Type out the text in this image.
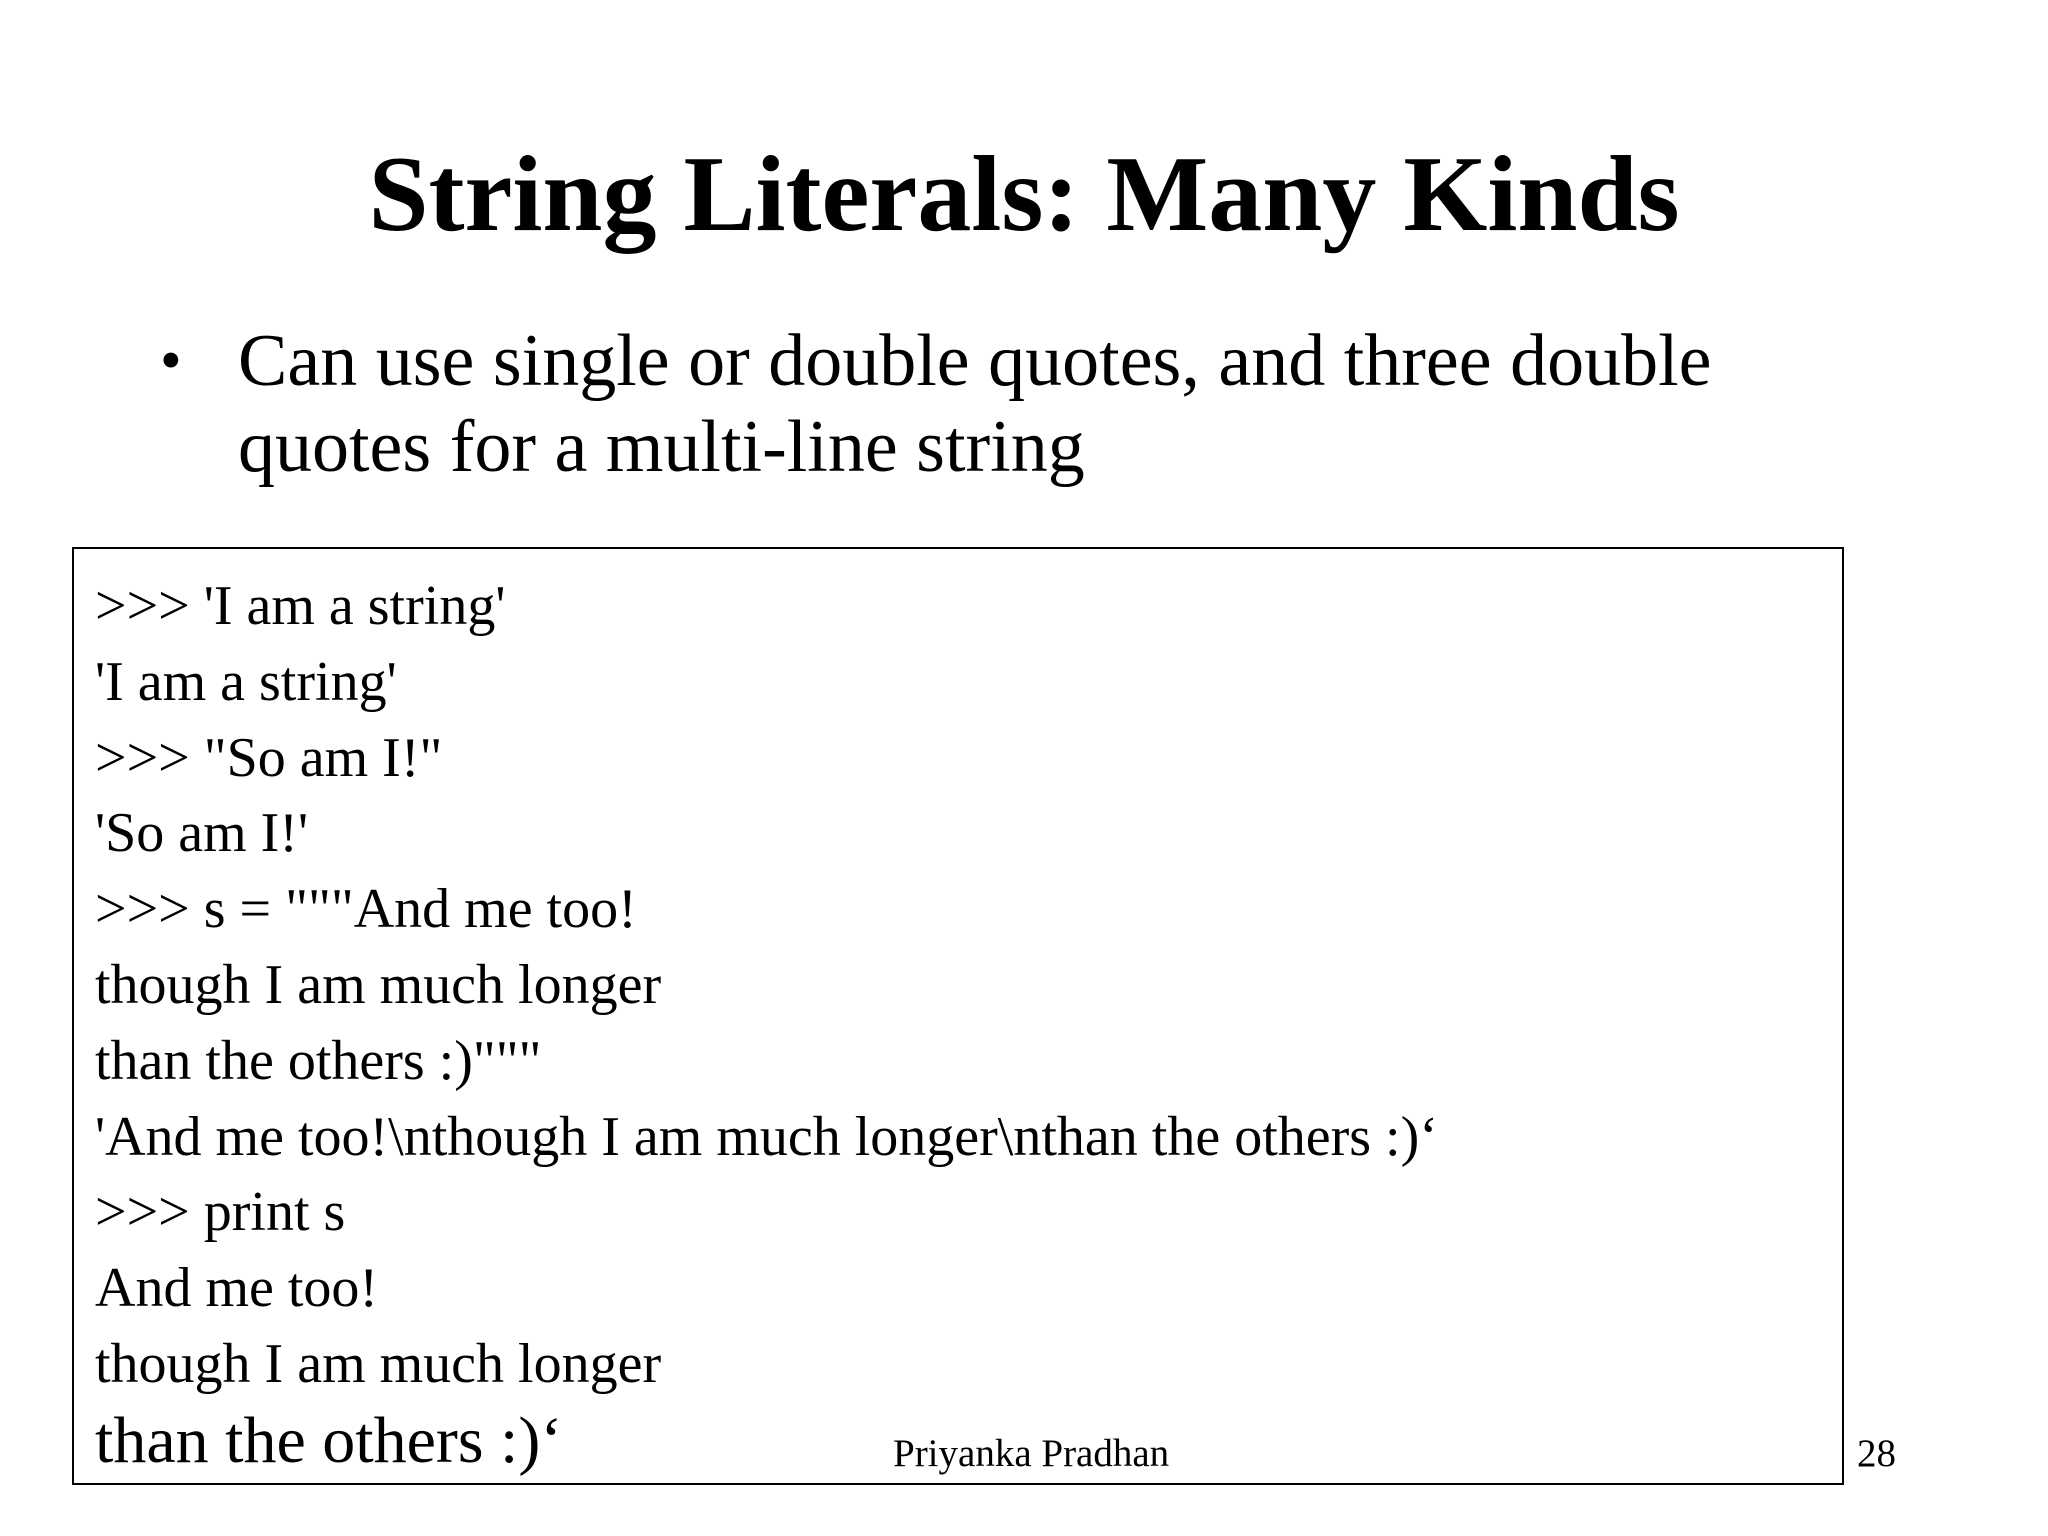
String Literals: Many Kinds
• Can use single or double quotes, and three double quotes for a multi-line string
>>> 'I am a string'
'I am a string'
>>> "So am I!"
'So am I!'
>>> s = """And me too!
though I am much longer
than the others :)"""
'And me too!\nthough I am much longer\nthan the others :)‘
>>> print s
And me too!
though I am much longer
than the others :)‘	Priyanka Pradhan	28
